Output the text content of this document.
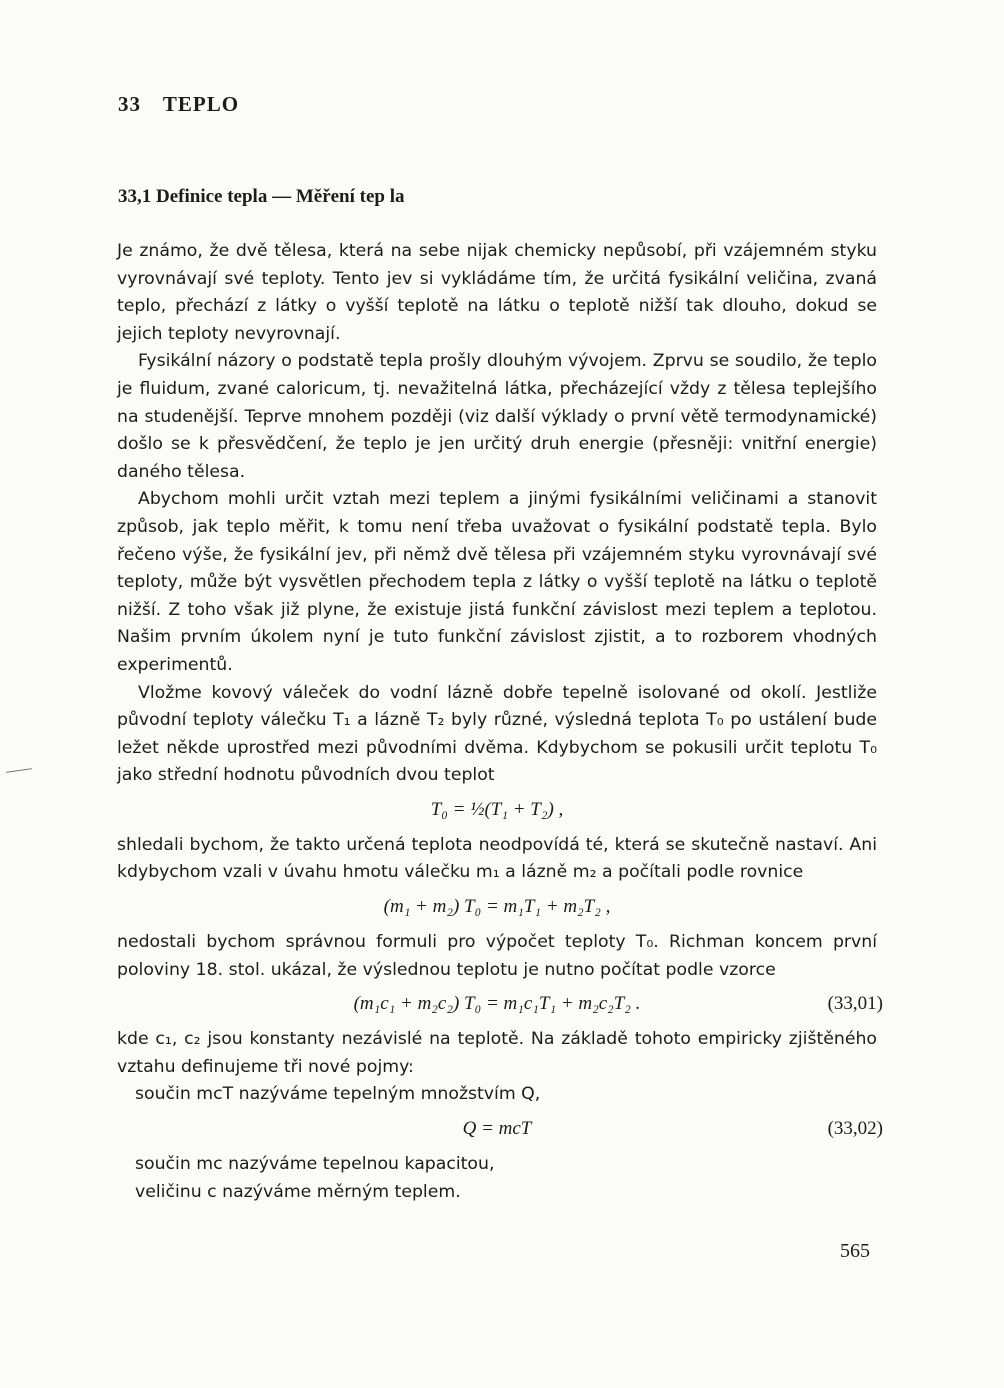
33 TEPLO
33,1 Definice tepla — Měření tep la

Je známo, že dvě tělesa, která na sebe nijak chemicky nepůsobí, při vzájemném styku vyrovnávají své teploty. Tento jev si vykládáme tím, že určitá fysikální veličina, zvaná teplo, přechází z látky o vyšší teplotě na látku o teplotě nižší tak dlouho, dokud se jejich teploty nevyrovnají.

Fysikální názory o podstatě tepla prošly dlouhým vývojem. Zprvu se soudilo, že teplo je fluidum, zvané caloricum, tj. nevažitelná látka, přecházející vždy z tělesa teplejšího na studenější. Teprve mnohem později (viz další výklady o první větě termodynamické) došlo se k přesvědčení, že teplo je jen určitý druh energie (přesněji: vnitřní energie) daného tělesa.

Abychom mohli určit vztah mezi teplem a jinými fysikálními veličinami a stanovit způsob, jak teplo měřit, k tomu není třeba uvažovat o fysikální podstatě tepla. Bylo řečeno výše, že fysikální jev, při němž dvě tělesa při vzájemném styku vyrovnávají své teploty, může být vysvětlen přechodem tepla z látky o vyšší teplotě na látku o teplotě nižší. Z toho však již plyne, že existuje jistá funkční závislost mezi teplem a teplotou. Našim prvním úkolem nyní je tuto funkční závislost zjistit, a to rozborem vhodných experimentů.

Vložme kovový váleček do vodní lázně dobře tepelně isolované od okolí. Jestliže původní teploty válečku T₁ a lázně T₂ byly různé, výsledná teplota T₀ po ustálení bude ležet někde uprostřed mezi původními dvěma. Kdybychom se pokusili určit teplotu T₀ jako střední hodnotu původních dvou teplot

T₀ = ½(T₁ + T₂) ,

shledali bychom, že takto určená teplota neodpovídá té, která se skutečně nastaví. Ani kdybychom vzali v úvahu hmotu válečku m₁ a lázně m₂ a počítali podle rovnice

(m₁ + m₂) T₀ = m₁T₁ + m₂T₂ ,

nedostali bychom správnou formuli pro výpočet teploty T₀. Richman koncem první poloviny 18. stol. ukázal, že výslednou teplotu je nutno počítat podle vzorce

(m₁c₁ + m₂c₂) T₀ = m₁c₁T₁ + m₂c₂T₂ .	(33,01)

kde c₁, c₂ jsou konstanty nezávislé na teplotě. Na základě tohoto empiricky zjištěného vztahu definujeme tři nové pojmy:

součin mcT nazýváme tepelným množstvím Q,

Q = mcT	(33,02)

součin mc nazýváme tepelnou kapacitou,

veličinu c nazýváme měrným teplem.

565
